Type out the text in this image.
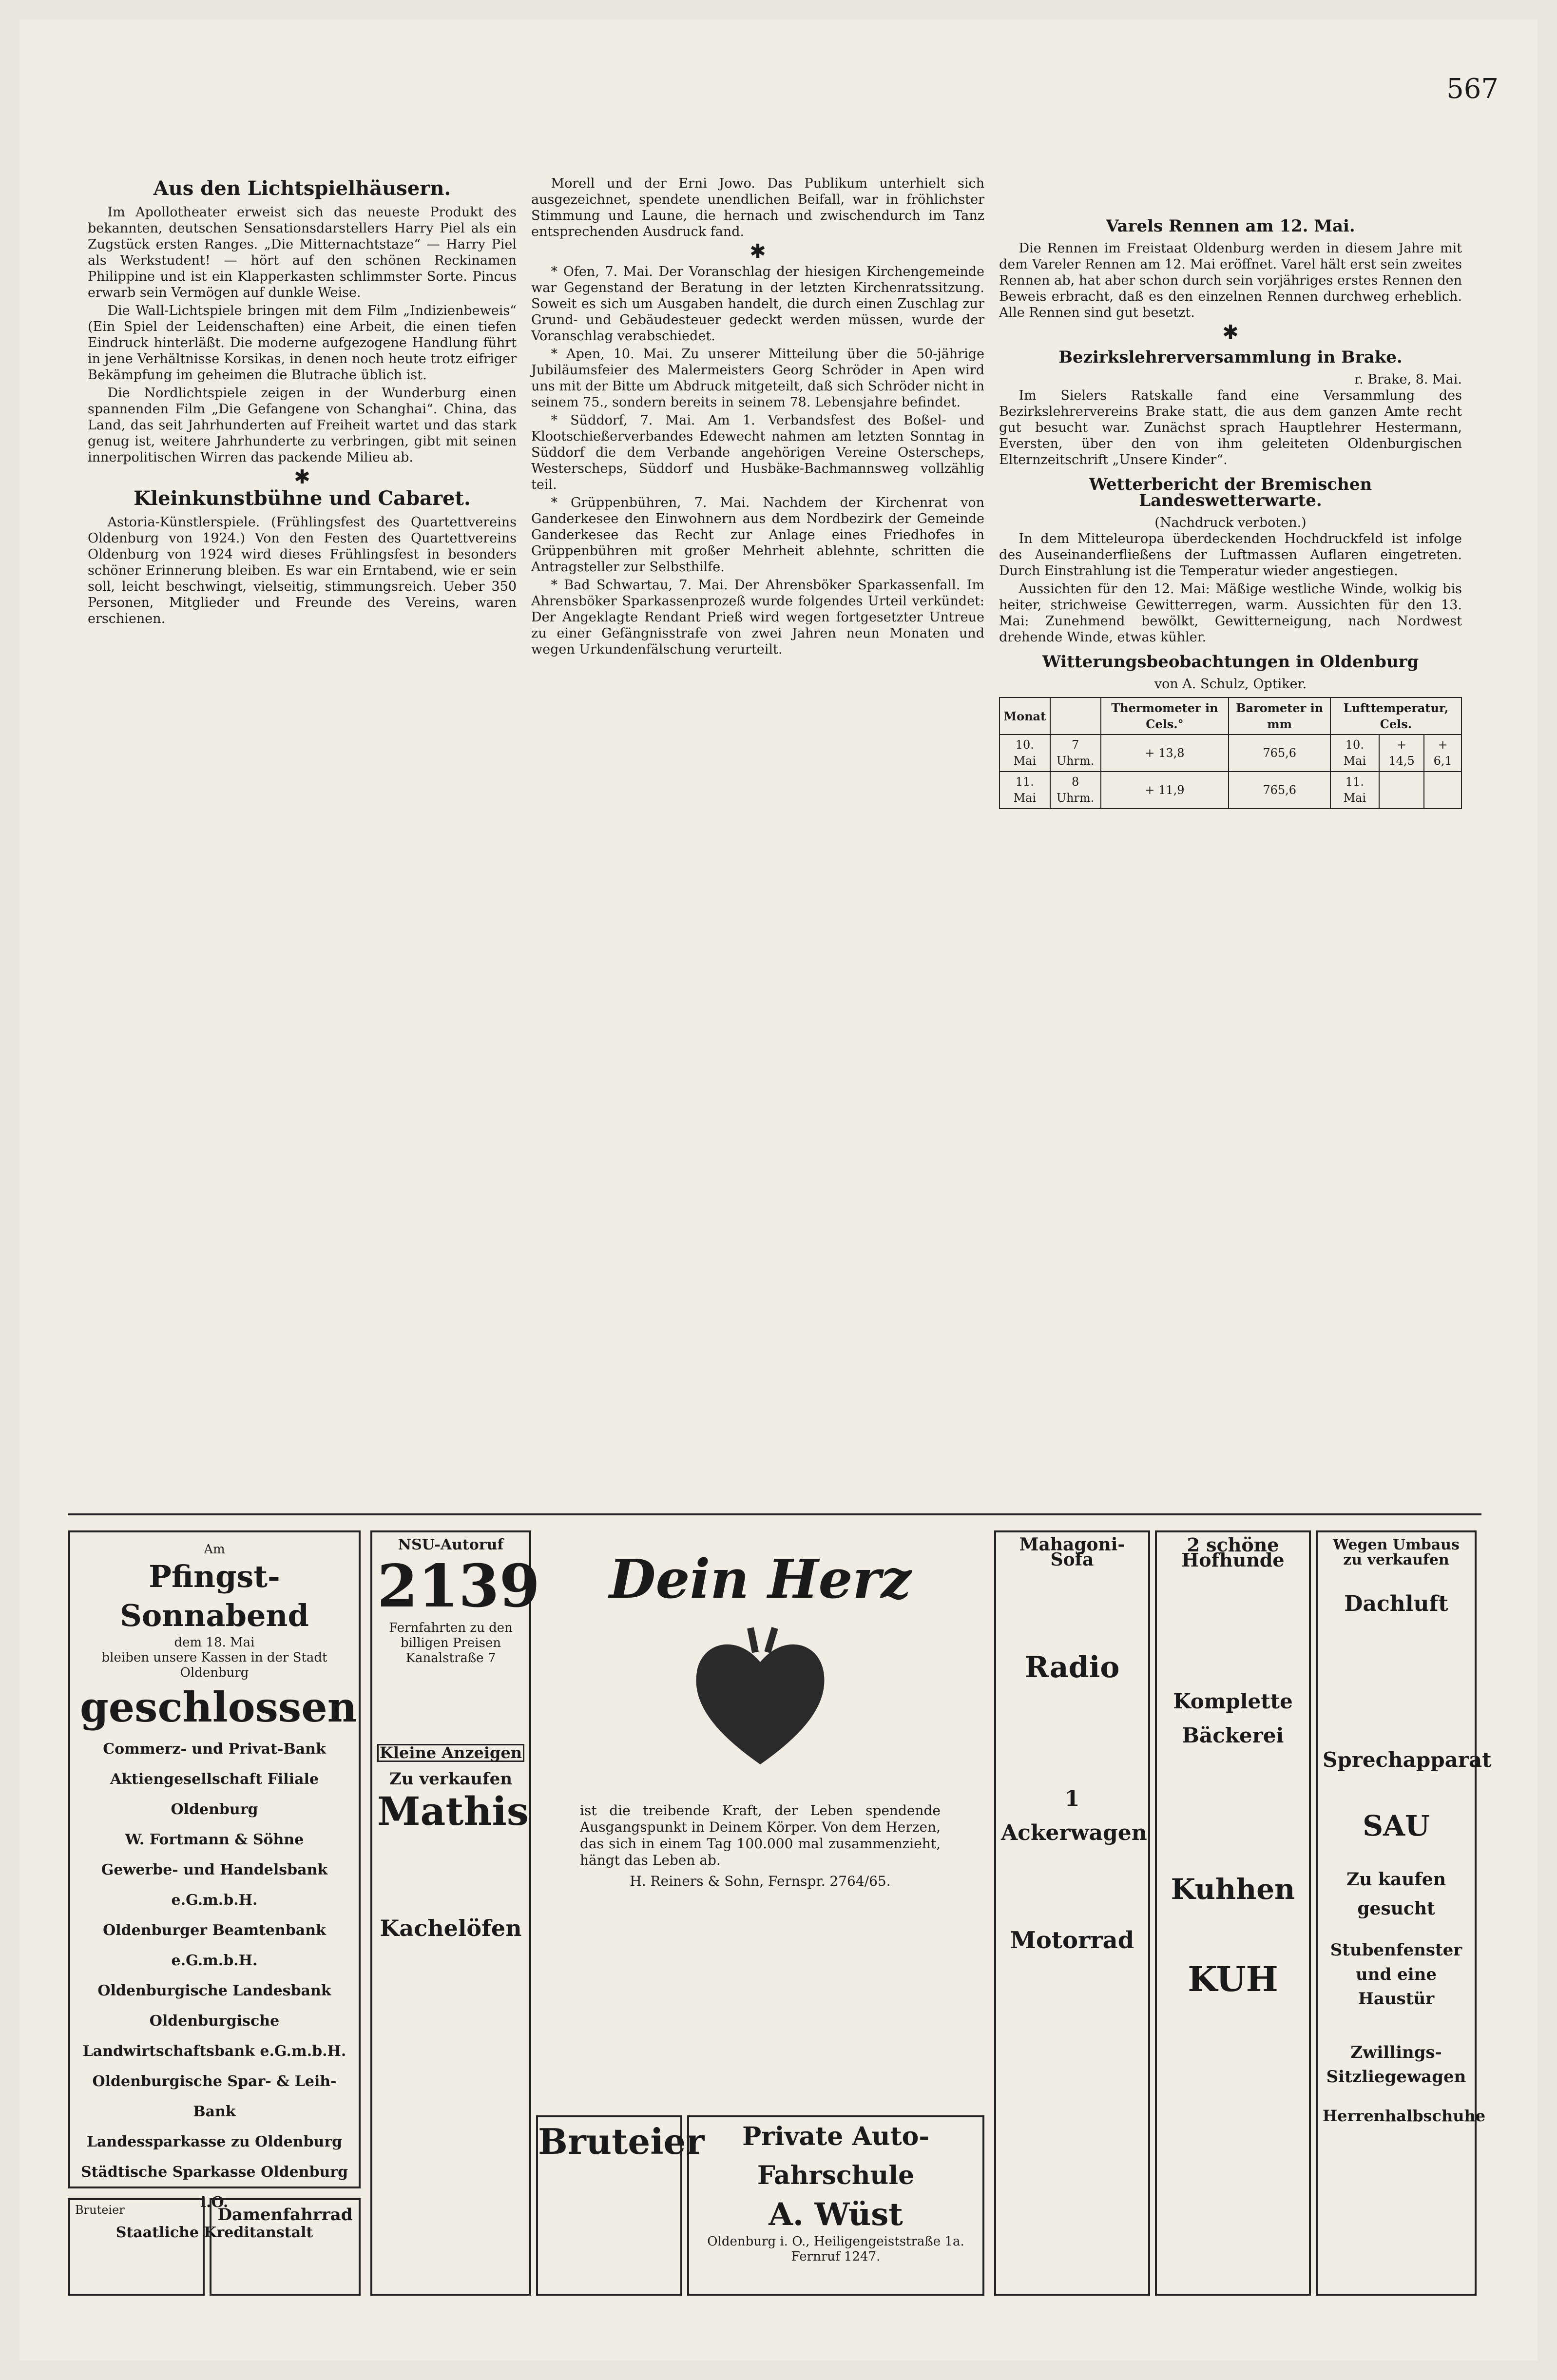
567
Aus den Lichtspielhäusern.

Im Apollotheater erweist sich das neueste Produkt des bekannten, deutschen Sensationsdarstellers Harry Piel als ein Zugstück ersten Ranges. „Die Mitternachtstaze“ — Harry Piel als Werkstudent! — hört auf den schönen Reckinamen Philippine und ist ein Klapperkasten schlimmster Sorte. Pincus erwarb sein Vermögen auf dunkle Weise.

Die Wall-Lichtspiele bringen mit dem Film „Indizienbeweis“ (Ein Spiel der Leidenschaften) eine Arbeit, die einen tiefen Eindruck hinterläßt. Die moderne aufgezogene Handlung führt in jene Verhältnisse Korsikas, in denen noch heute trotz eifriger Bekämpfung im geheimen die Blutrache üblich ist.

Die Nordlichtspiele zeigen in der Wunderburg einen spannenden Film „Die Gefangene von Schanghai“. China, das Land, das seit Jahrhunderten auf Freiheit wartet und das stark genug ist, weitere Jahrhunderte zu verbringen, gibt mit seinen innerpolitischen Wirren das packende Milieu ab.

✱
Kleinkunstbühne und Cabaret.

Astoria-Künstlerspiele. (Frühlingsfest des Quartettvereins Oldenburg von 1924.) Von den Festen des Quartettvereins Oldenburg von 1924 wird dieses Frühlingsfest in besonders schöner Erinnerung bleiben. Es war ein Erntabend, wie er sein soll, leicht beschwingt, vielseitig, stimmungsreich. Ueber 350 Personen, Mitglieder und Freunde des Vereins, waren erschienen.

Morell und der Erni Jowo. Das Publikum unterhielt sich ausgezeichnet, spendete unendlichen Beifall, war in fröhlichster Stimmung und Laune, die hernach und zwischendurch im Tanz entsprechenden Ausdruck fand.

✱

* Ofen, 7. Mai. Der Voranschlag der hiesigen Kirchengemeinde war Gegenstand der Beratung in der letzten Kirchenratssitzung. Soweit es sich um Ausgaben handelt, die durch einen Zuschlag zur Grund- und Gebäudesteuer gedeckt werden müssen, wurde der Voranschlag verabschiedet.

* Apen, 10. Mai. Zu unserer Mitteilung über die 50-jährige Jubiläumsfeier des Malermeisters Georg Schröder in Apen wird uns mit der Bitte um Abdruck mitgeteilt, daß sich Schröder nicht in seinem 75., sondern bereits in seinem 78. Lebensjahre befindet.

* Süddorf, 7. Mai. Am 1. Verbandsfest des Boßel- und Klootschießerverbandes Edewecht nahmen am letzten Sonntag in Süddorf die dem Verbande angehörigen Vereine Osterscheps, Westerscheps, Süddorf und Husbäke-Bachmannsweg vollzählig teil.

* Grüppenbühren, 7. Mai. Nachdem der Kirchenrat von Ganderkesee den Einwohnern aus dem Nordbezirk der Gemeinde Ganderkesee das Recht zur Anlage eines Friedhofes in Grüppenbühren mit großer Mehrheit ablehnte, schritten die Antragsteller zur Selbsthilfe.

* Bad Schwartau, 7. Mai. Der Ahrensböker Sparkassenfall. Im Ahrensböker Sparkassenprozeß wurde folgendes Urteil verkündet: Der Angeklagte Rendant Prieß wird wegen fortgesetzter Untreue zu einer Gefängnisstrafe von zwei Jahren neun Monaten und wegen Urkundenfälschung verurteilt.

Varels Rennen am 12. Mai.

Die Rennen im Freistaat Oldenburg werden in diesem Jahre mit dem Vareler Rennen am 12. Mai eröffnet. Varel hält erst sein zweites Rennen ab, hat aber schon durch sein vorjähriges erstes Rennen den Beweis erbracht, daß es den einzelnen Rennen durchweg erheblich. Alle Rennen sind gut besetzt.

✱
Bezirkslehrerversammlung in Brake.
r. Brake, 8. Mai.

Im Sielers Ratskalle fand eine Versammlung des Bezirkslehrervereins Brake statt, die aus dem ganzen Amte recht gut besucht war. Zunächst sprach Hauptlehrer Hestermann, Eversten, über den von ihm geleiteten Oldenburgischen Elternzeitschrift „Unsere Kinder“.

Wetterbericht der Bremischen Landeswetterwarte.
(Nachdruck verboten.)

In dem Mitteleuropa überdeckenden Hochdruckfeld ist infolge des Auseinanderfließens der Luftmassen Auflaren eingetreten. Durch Einstrahlung ist die Temperatur wieder angestiegen.

Aussichten für den 12. Mai: Mäßige westliche Winde, wolkig bis heiter, strichweise Gewitterregen, warm. Aussichten für den 13. Mai: Zunehmend bewölkt, Gewitterneigung, nach Nordwest drehende Winde, etwas kühler.

Witterungsbeobachtungen in Oldenburg
von A. Schulz, Optiker.
Monat		Thermometer in Cels.°	Barometer in mm	Lufttemperatur, Cels.		
10. Mai	7 Uhrm.	+ 13,8	765,6	10. Mai	+ 14,5	+ 6,1
11. Mai	8 Uhrm.	+ 11,9	765,6	11. Mai		
Am
Pfingst-Sonnabend
dem 18. Mai
bleiben unsere Kassen in der Stadt Oldenburg
geschlossen
Commerz- und Privat-Bank Aktiengesellschaft Filiale Oldenburg
W. Fortmann & Söhne
Gewerbe- und Handelsbank e.G.m.b.H.
Oldenburger Beamtenbank e.G.m.b.H.
Oldenburgische Landesbank
Oldenburgische Landwirtschaftsbank e.G.m.b.H.
Oldenburgische Spar- & Leih-Bank
Landessparkasse zu Oldenburg
Städtische Sparkasse Oldenburg i.O.
Staatliche Kreditanstalt
Bruteier	Damenfahrrad
NSU-Autoruf
2139
Fernfahrten zu den billigen Preisen Kanalstraße 7
Kleine Anzeigen
Zu verkaufen
Mathis
Kachelöfen
Dein Herz
ist die treibende Kraft, der Leben spendende Ausgangspunkt in Deinem Körper. Von dem Herzen, das sich in einem Tag 100.000 mal zusammenzieht, hängt das Leben ab.
H. Reiners & Sohn, Fernspr. 2764/65.
Bruteier	Private Auto-Fahrschule
A. Wüst
Oldenburg i. O., Heiligengeiststraße 1a. Fernruf 1247.
Mahagoni-Sofa
Radio
1 Ackerwagen
Motorrad
2 schöne Hofhunde
Komplette Bäckerei
Kuhhen
KUH
Wegen Umbaus zu verkaufen
Dachluft
Sprechapparat
SAU
Zu kaufen gesucht
Stubenfenster und eine Haustür
Zwillings-Sitzliegewagen
Herrenhalbschuhe
